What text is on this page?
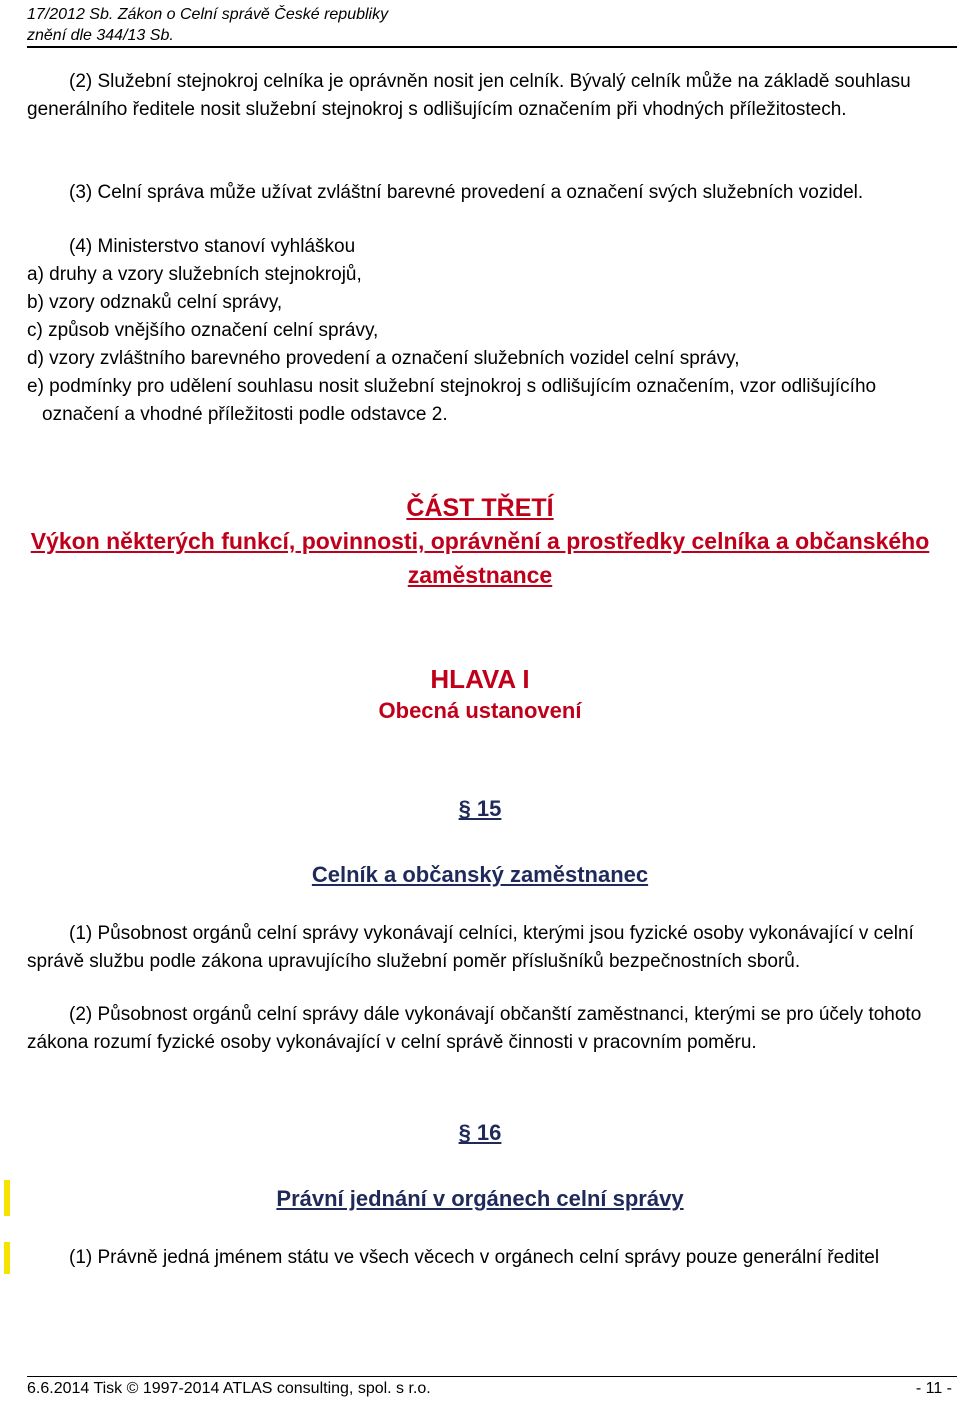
17/2012 Sb. Zákon o Celní správě České republiky
znění dle 344/13 Sb.
(2) Služební stejnokroj celníka je oprávněn nosit jen celník. Bývalý celník může na základě souhlasu generálního ředitele nosit služební stejnokroj s odlišujícím označením při vhodných příležitostech.
(3) Celní správa může užívat zvláštní barevné provedení a označení svých služebních vozidel.
(4) Ministerstvo stanoví vyhláškou
a) druhy a vzory služebních stejnokrojů,
b) vzory odznaků celní správy,
c) způsob vnějšího označení celní správy,
d) vzory zvláštního barevného provedení a označení služebních vozidel celní správy,
e) podmínky pro udělení souhlasu nosit služební stejnokroj s odlišujícím označením, vzor odlišujícího označení a vhodné příležitosti podle odstavce 2.
ČÁST TŘETÍ
Výkon některých funkcí, povinnosti, oprávnění a prostředky celníka a občanského zaměstnance
HLAVA I
Obecná ustanovení
§ 15
Celník a občanský zaměstnanec
(1) Působnost orgánů celní správy vykonávají celníci, kterými jsou fyzické osoby vykonávající v celní správě službu podle zákona upravujícího služební poměr příslušníků bezpečnostních sborů.
(2) Působnost orgánů celní správy dále vykonávají občanští zaměstnanci, kterými se pro účely tohoto zákona rozumí fyzické osoby vykonávající v celní správě činnosti v pracovním poměru.
§ 16
Právní jednání v orgánech celní správy
(1) Právně jedná jménem státu ve všech věcech v orgánech celní správy pouze generální ředitel
6.6.2014 Tisk © 1997-2014 ATLAS consulting, spol. s r.o.	- 11 -
